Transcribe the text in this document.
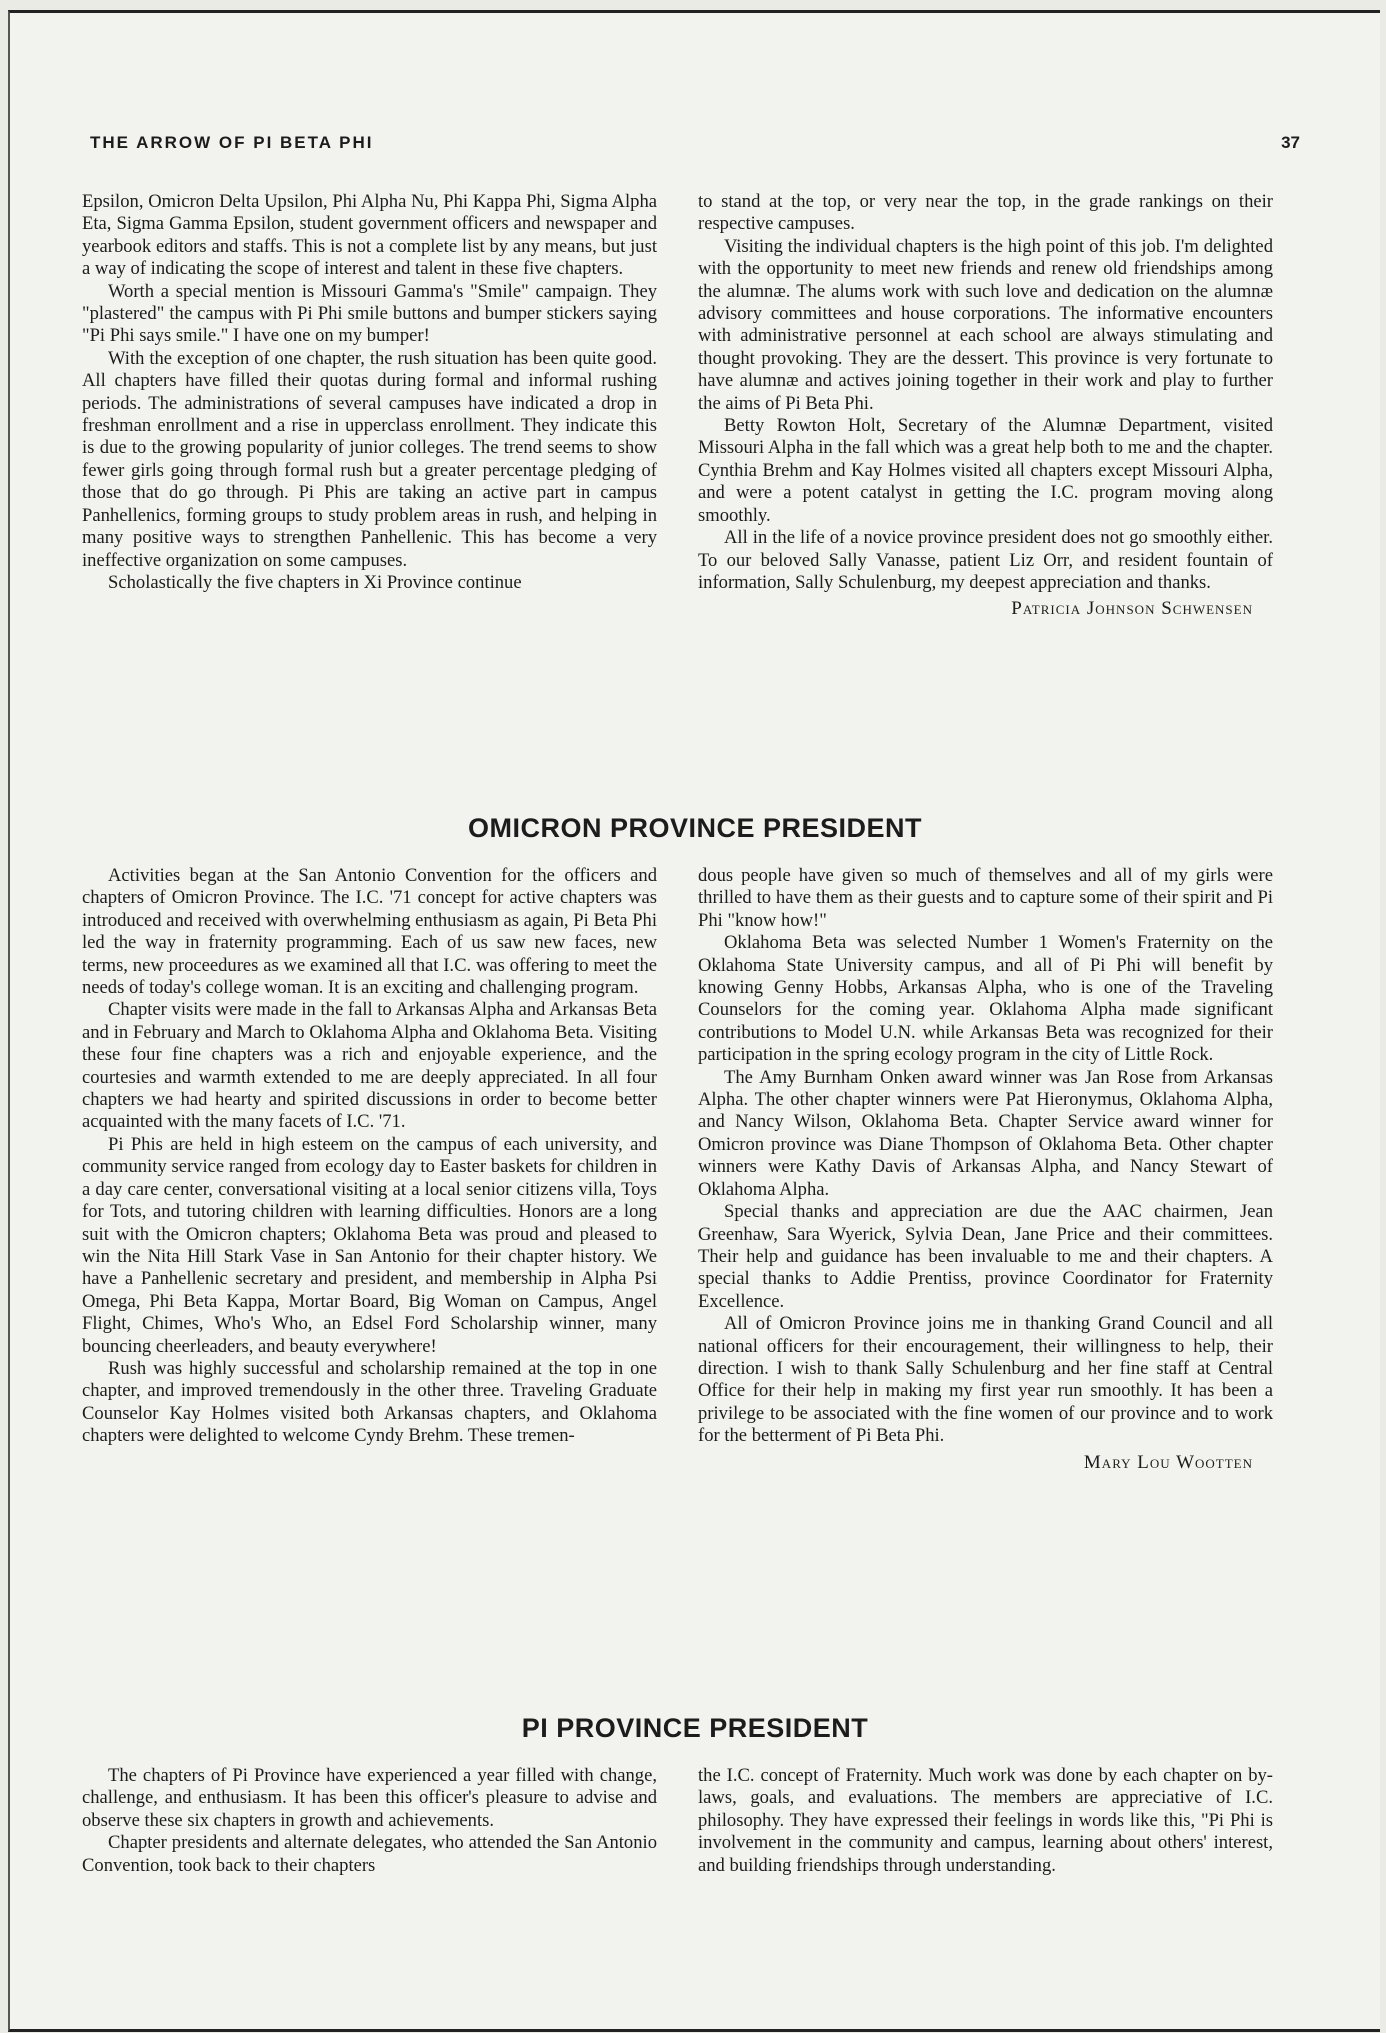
THE ARROW OF PI BETA PHI	37

Epsilon, Omicron Delta Upsilon, Phi Alpha Nu, Phi Kappa Phi, Sigma Alpha Eta, Sigma Gamma Epsilon, student government officers and newspaper and yearbook editors and staffs. This is not a complete list by any means, but just a way of indicating the scope of interest and talent in these five chapters.

Worth a special mention is Missouri Gamma's "Smile" campaign. They "plastered" the campus with Pi Phi smile buttons and bumper stickers saying "Pi Phi says smile." I have one on my bumper!

With the exception of one chapter, the rush situation has been quite good. All chapters have filled their quotas during formal and informal rushing periods. The administrations of several campuses have indicated a drop in freshman enrollment and a rise in upperclass enrollment. They indicate this is due to the growing popularity of junior colleges. The trend seems to show fewer girls going through formal rush but a greater percentage pledging of those that do go through. Pi Phis are taking an active part in campus Panhellenics, forming groups to study problem areas in rush, and helping in many positive ways to strengthen Panhellenic. This has become a very ineffective organization on some campuses.

Scholastically the five chapters in Xi Province continue

to stand at the top, or very near the top, in the grade rankings on their respective campuses.

Visiting the individual chapters is the high point of this job. I'm delighted with the opportunity to meet new friends and renew old friendships among the alumnæ. The alums work with such love and dedication on the alumnæ advisory committees and house corporations. The informative encounters with administrative personnel at each school are always stimulating and thought provoking. They are the dessert. This province is very fortunate to have alumnæ and actives joining together in their work and play to further the aims of Pi Beta Phi.

Betty Rowton Holt, Secretary of the Alumnæ Department, visited Missouri Alpha in the fall which was a great help both to me and the chapter. Cynthia Brehm and Kay Holmes visited all chapters except Missouri Alpha, and were a potent catalyst in getting the I.C. program moving along smoothly.

All in the life of a novice province president does not go smoothly either. To our beloved Sally Vanasse, patient Liz Orr, and resident fountain of information, Sally Schulenburg, my deepest appreciation and thanks.

Patricia Johnson Schwensen
OMICRON PROVINCE PRESIDENT

Activities began at the San Antonio Convention for the officers and chapters of Omicron Province. The I.C. '71 concept for active chapters was introduced and received with overwhelming enthusiasm as again, Pi Beta Phi led the way in fraternity programming. Each of us saw new faces, new terms, new proceedures as we examined all that I.C. was offering to meet the needs of today's college woman. It is an exciting and challenging program.

Chapter visits were made in the fall to Arkansas Alpha and Arkansas Beta and in February and March to Oklahoma Alpha and Oklahoma Beta. Visiting these four fine chapters was a rich and enjoyable experience, and the courtesies and warmth extended to me are deeply appreciated. In all four chapters we had hearty and spirited discussions in order to become better acquainted with the many facets of I.C. '71.

Pi Phis are held in high esteem on the campus of each university, and community service ranged from ecology day to Easter baskets for children in a day care center, conversational visiting at a local senior citizens villa, Toys for Tots, and tutoring children with learning difficulties. Honors are a long suit with the Omicron chapters; Oklahoma Beta was proud and pleased to win the Nita Hill Stark Vase in San Antonio for their chapter history. We have a Panhellenic secretary and president, and membership in Alpha Psi Omega, Phi Beta Kappa, Mortar Board, Big Woman on Campus, Angel Flight, Chimes, Who's Who, an Edsel Ford Scholarship winner, many bouncing cheerleaders, and beauty everywhere!

Rush was highly successful and scholarship remained at the top in one chapter, and improved tremendously in the other three. Traveling Graduate Counselor Kay Holmes visited both Arkansas chapters, and Oklahoma chapters were delighted to welcome Cyndy Brehm. These tremen-

dous people have given so much of themselves and all of my girls were thrilled to have them as their guests and to capture some of their spirit and Pi Phi "know how!"

Oklahoma Beta was selected Number 1 Women's Fraternity on the Oklahoma State University campus, and all of Pi Phi will benefit by knowing Genny Hobbs, Arkansas Alpha, who is one of the Traveling Counselors for the coming year. Oklahoma Alpha made significant contributions to Model U.N. while Arkansas Beta was recognized for their participation in the spring ecology program in the city of Little Rock.

The Amy Burnham Onken award winner was Jan Rose from Arkansas Alpha. The other chapter winners were Pat Hieronymus, Oklahoma Alpha, and Nancy Wilson, Oklahoma Beta. Chapter Service award winner for Omicron province was Diane Thompson of Oklahoma Beta. Other chapter winners were Kathy Davis of Arkansas Alpha, and Nancy Stewart of Oklahoma Alpha.

Special thanks and appreciation are due the AAC chairmen, Jean Greenhaw, Sara Wyerick, Sylvia Dean, Jane Price and their committees. Their help and guidance has been invaluable to me and their chapters. A special thanks to Addie Prentiss, province Coordinator for Fraternity Excellence.

All of Omicron Province joins me in thanking Grand Council and all national officers for their encouragement, their willingness to help, their direction. I wish to thank Sally Schulenburg and her fine staff at Central Office for their help in making my first year run smoothly. It has been a privilege to be associated with the fine women of our province and to work for the betterment of Pi Beta Phi.

Mary Lou Wootten
PI PROVINCE PRESIDENT

The chapters of Pi Province have experienced a year filled with change, challenge, and enthusiasm. It has been this officer's pleasure to advise and observe these six chapters in growth and achievements.

Chapter presidents and alternate delegates, who attended the San Antonio Convention, took back to their chapters

the I.C. concept of Fraternity. Much work was done by each chapter on by-laws, goals, and evaluations. The members are appreciative of I.C. philosophy. They have expressed their feelings in words like this, "Pi Phi is involvement in the community and campus, learning about others' interest, and building friendships through understanding.
